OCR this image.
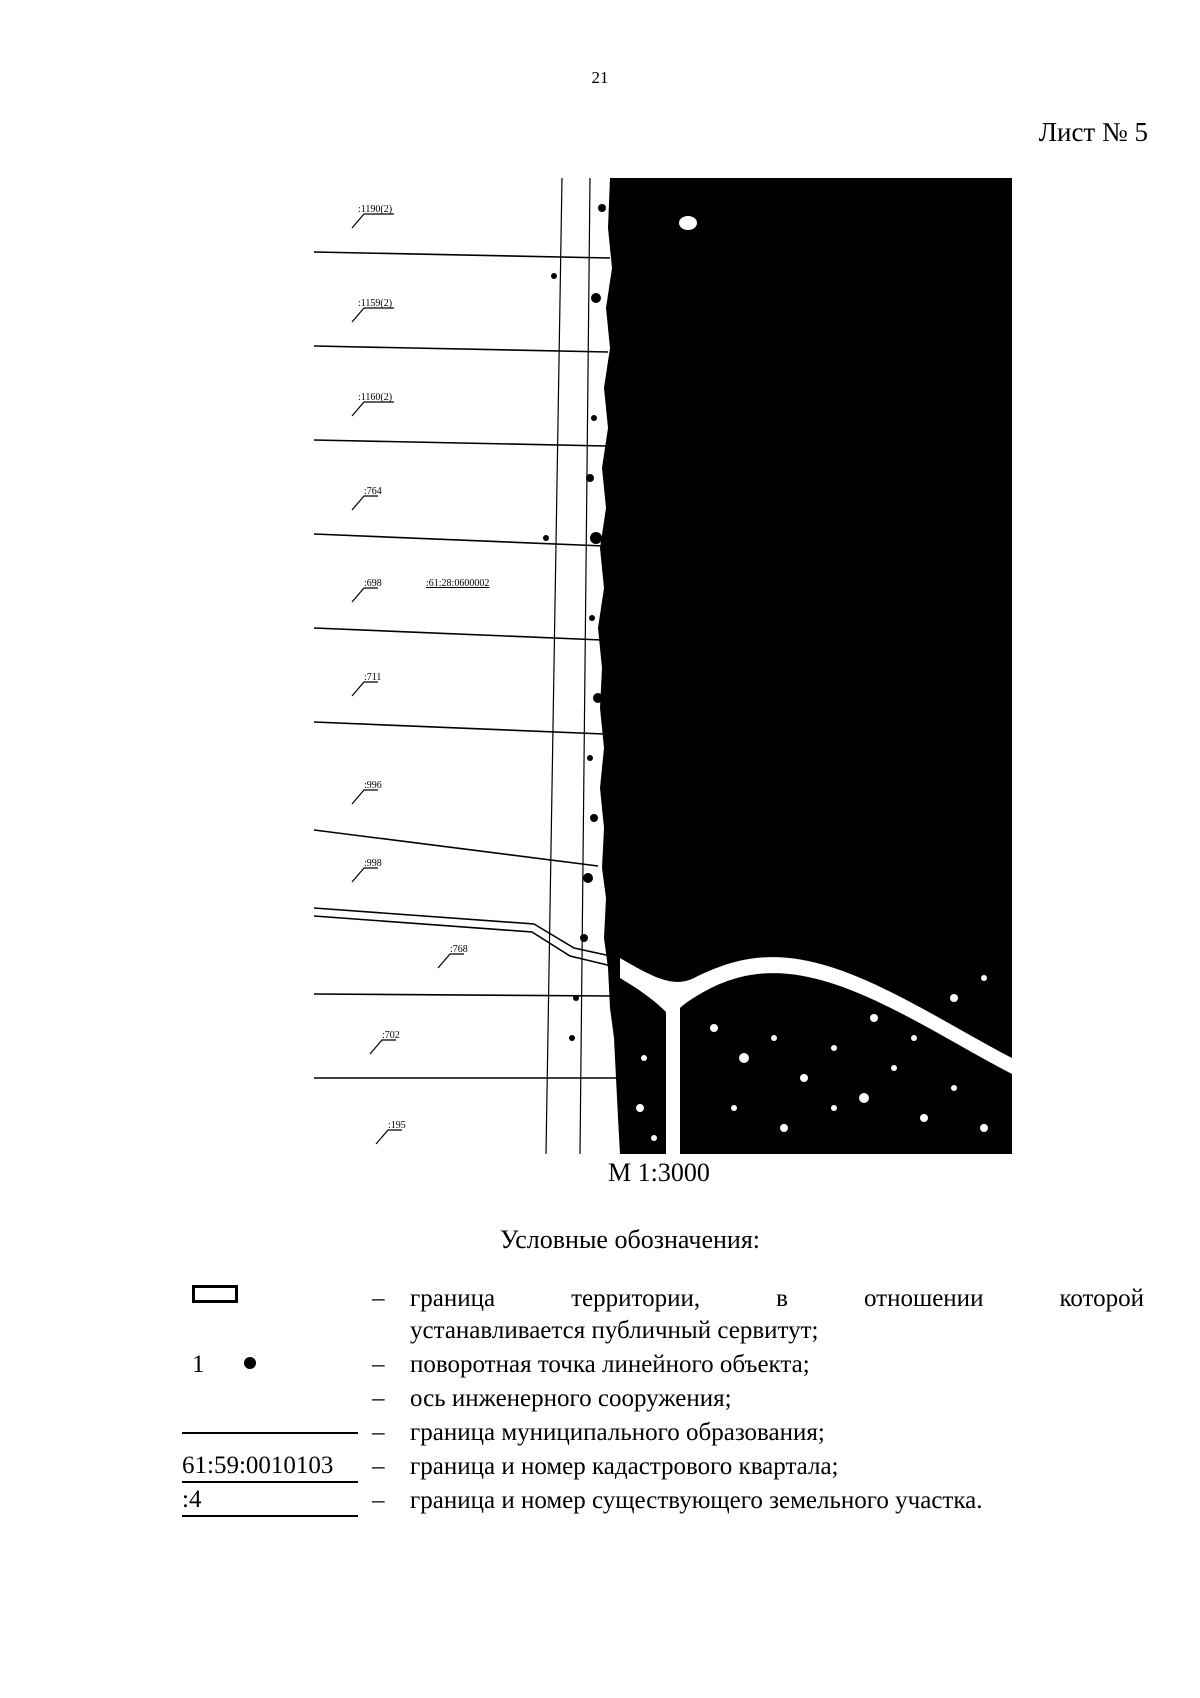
21
Лист № 5
:1190(2)
:1159(2)
:1160(2)
:764
:698
:711
:996
:998
:768
:702
:195
:61:28:0600002
М 1:3000
Условные обозначения:
–	граница территории, в отношении которой
устанавливается публичный сервитут;
1	–	поворотная точка линейного объекта;
–	ось инженерного сооружения;
–	граница муниципального образования;
61:59:0010103	–	граница и номер кадастрового квартала;
:4	–	граница и номер существующего земельного участка.
